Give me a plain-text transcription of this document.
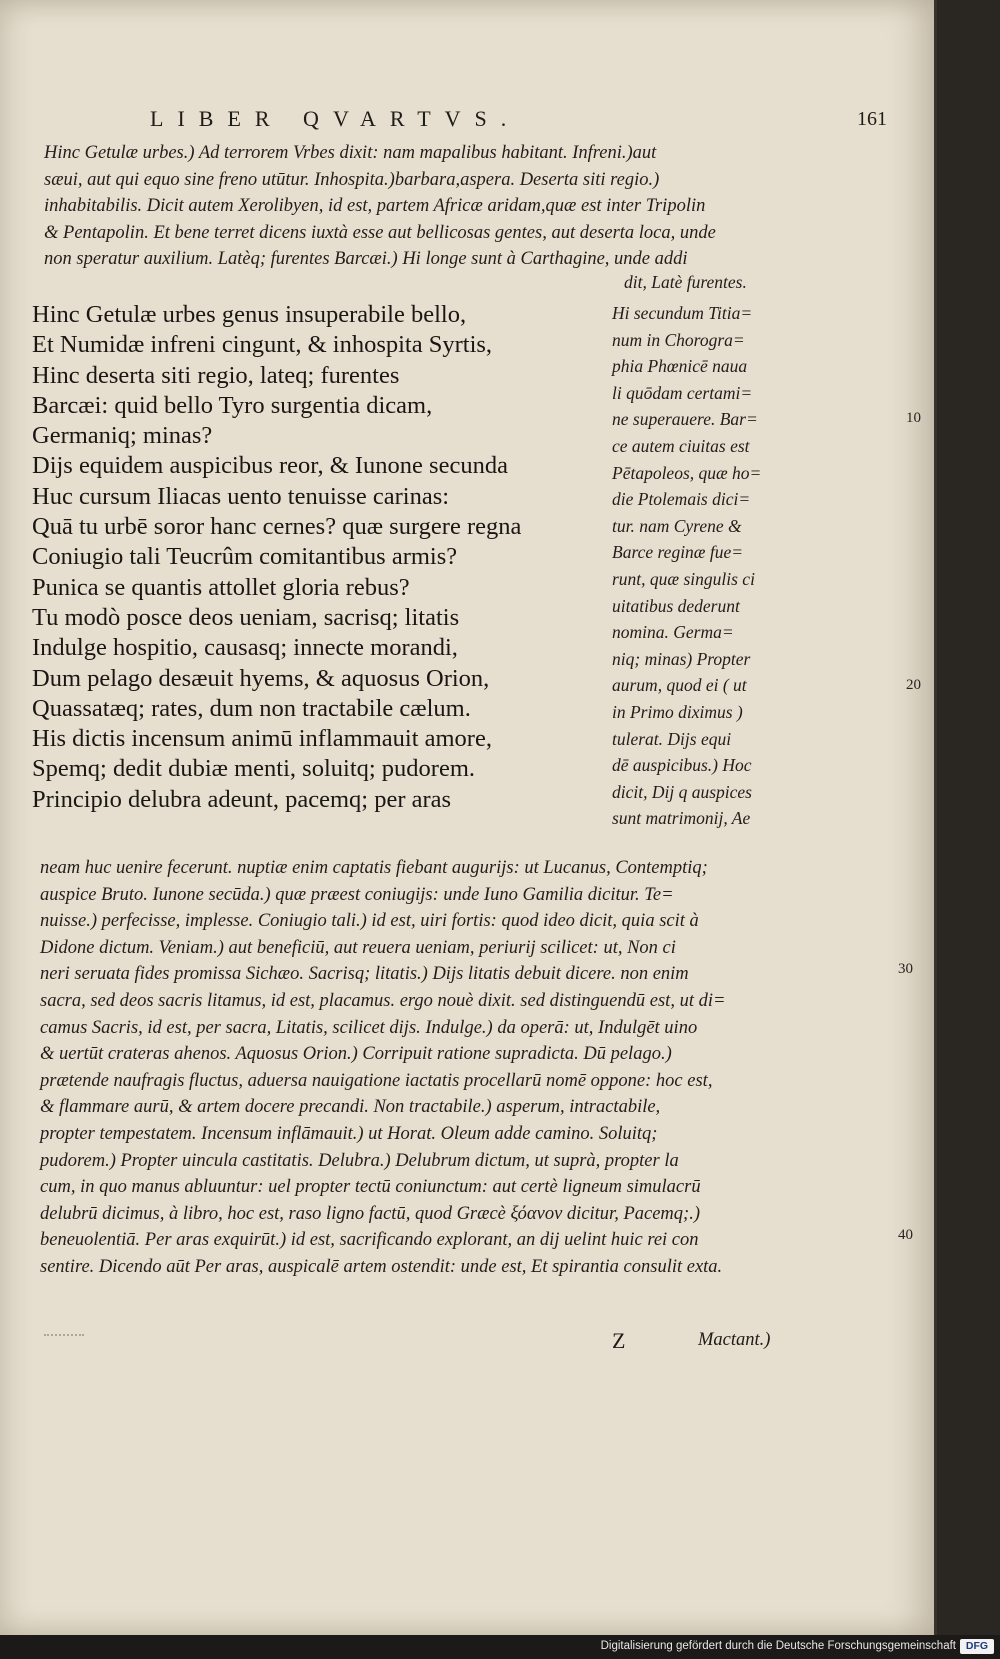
LIBER QVARTVS.	161
Hinc Getulæ urbes.) Ad terrorem Vrbes dixit: nam mapalibus habitant. Infreni.)aut
sæui, aut qui equo sine freno utūtur. Inhospita.)barbara,aspera. Deserta siti regio.)
inhabitabilis. Dicit autem Xerolibyen, id est, partem Africæ aridam,quæ est inter Tripolin
& Pentapolin. Et bene terret dicens iuxtà esse aut bellicosas gentes, aut deserta loca, unde
non speratur auxilium. Latèq; furentes Barcæi.) Hi longe sunt à Carthagine, unde addi
dit, Latè furentes.
Hinc Getulæ urbes genus insuperabile bello,
Et Numidæ infreni cingunt, & inhospita Syrtis,
Hinc deserta siti regio, lateq; furentes
Barcæi: quid bello Tyro surgentia dicam,
Germaniq; minas?
Dijs equidem auspicibus reor, & Iunone secunda
Huc cursum Iliacas uento tenuisse carinas:
Quā tu urbē soror hanc cernes? quæ surgere regna
Coniugio tali Teucrûm comitantibus armis?
Punica se quantis attollet gloria rebus?
Tu modò posce deos ueniam, sacrisq; litatis
Indulge hospitio, causasq; innecte morandi,
Dum pelago desæuit hyems, & aquosus Orion,
Quassatæq; rates, dum non tractabile cælum.
His dictis incensum animū inflammauit amore,
Spemq; dedit dubiæ menti, soluitq; pudorem.
Principio delubra adeunt, pacemq; per aras
Hi secundum Titia=
num in Chorogra=
phia Phœnicē naua
li quōdam certami=
ne superauere. Bar=
ce autem ciuitas est
Pētapoleos, quæ ho=
die Ptolemais dici=
tur. nam Cyrene &
Barce reginæ fue=
runt, quæ singulis ci
uitatibus dederunt
nomina. Germa=
niq; minas) Propter
aurum, quod ei ( ut
in Primo diximus )
tulerat. Dijs equi
dē auspicibus.) Hoc
dicit, Dij q auspices
sunt matrimonij, Ae
neam huc uenire fecerunt. nuptiæ enim captatis fiebant augurijs: ut Lucanus, Contemptiq;
auspice Bruto. Iunone secūda.) quæ præest coniugijs: unde Iuno Gamilia dicitur. Te=
nuisse.) perfecisse, implesse. Coniugio tali.) id est, uiri fortis: quod ideo dicit, quia scit à
Didone dictum. Veniam.) aut beneficiū, aut reuera ueniam, periurij scilicet: ut, Non ci
neri seruata fides promissa Sichæo. Sacrisq; litatis.) Dijs litatis debuit dicere. non enim
sacra, sed deos sacris litamus, id est, placamus. ergo nouè dixit. sed distinguendū est, ut di=
camus Sacris, id est, per sacra, Litatis, scilicet dijs. Indulge.) da operā: ut, Indulgēt uino
& uertūt crateras ahenos. Aquosus Orion.) Corripuit ratione supradicta. Dū pelago.)
prætende naufragis fluctus, aduersa nauigatione iactatis procellarū nomē oppone: hoc est,
& flammare aurū, & artem docere precandi. Non tractabile.) asperum, intractabile,
propter tempestatem. Incensum inflāmauit.) ut Horat. Oleum adde camino. Soluitq;
pudorem.) Propter uincula castitatis. Delubra.) Delubrum dictum, ut suprà, propter la
cum, in quo manus abluuntur: uel propter tectū coniunctum: aut certè ligneum simulacrū
delubrū dicimus, à libro, hoc est, raso ligno factū, quod Græcè ξόανον dicitur, Pacemq;.)
beneuolentiā. Per aras exquirūt.) id est, sacrificando explorant, an dij uelint huic rei con
sentire. Dicendo aūt Per aras, auspicalē artem ostendit: unde est, Et spirantia consulit exta.
10
20
30
40
Z	Mactant.)
Digitalisierung gefördert durch die Deutsche Forschungsgemeinschaft DFG
